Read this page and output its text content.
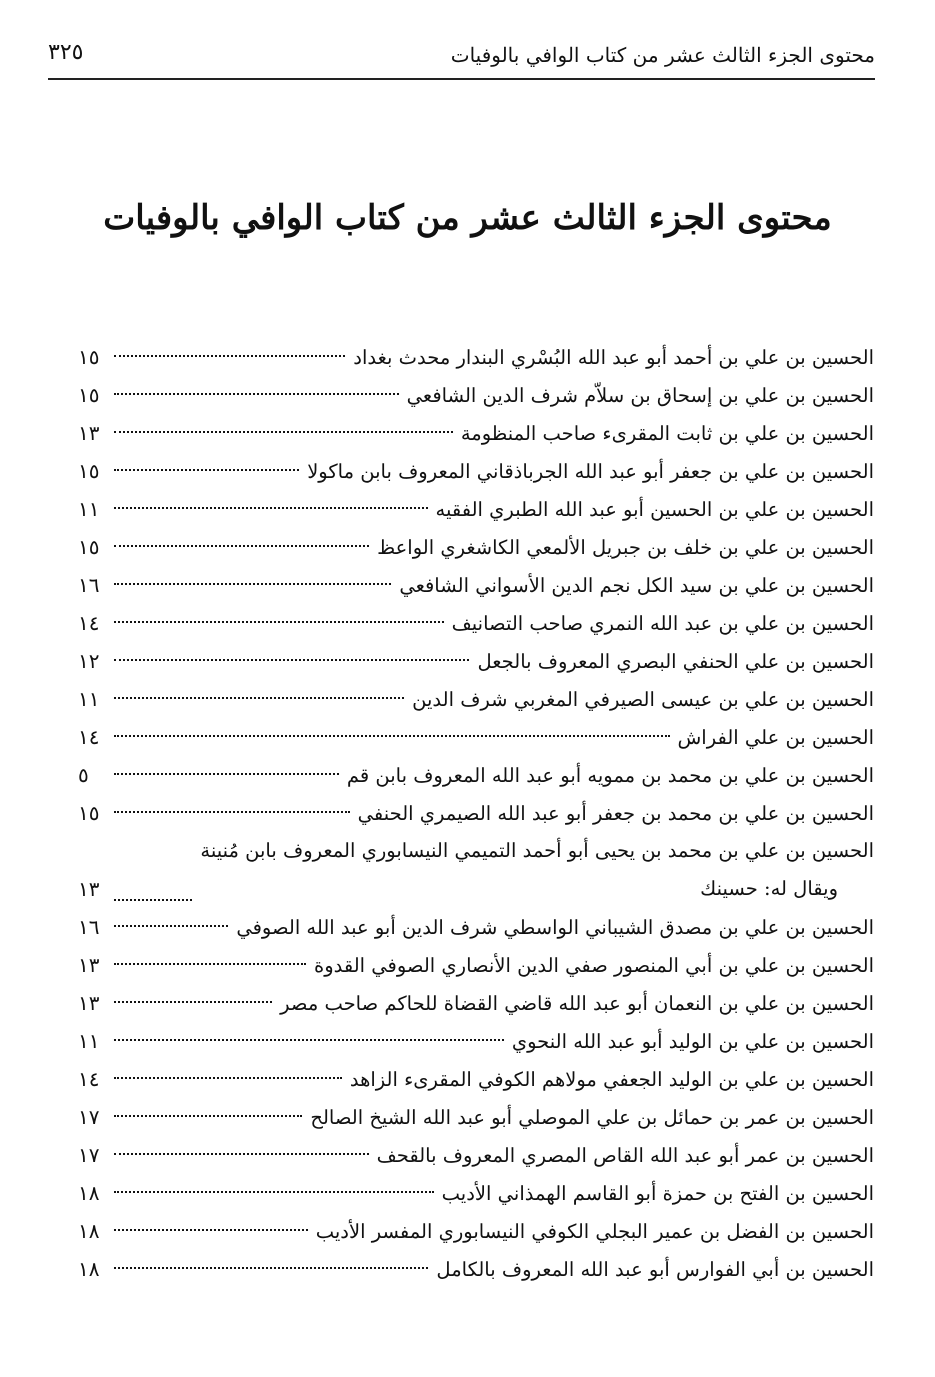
محتوى الجزء الثالث عشر من كتاب الوافي بالوفيات
٣٢٥
محتوى الجزء الثالث عشر من كتاب الوافي بالوفيات
الحسين بن علي بن أحمد أبو عبد الله البُسْري البندار محدث بغداد
١٥
الحسين بن علي بن إسحاق بن سلاّم شرف الدين الشافعي
١٥
الحسين بن علي بن ثابت المقرىء صاحب المنظومة
١٣
الحسين بن علي بن جعفر أبو عبد الله الجرباذقاني المعروف بابن ماكولا
١٥
الحسين بن علي بن الحسين أبو عبد الله الطبري الفقيه
١١
الحسين بن علي بن خلف بن جبريل الألمعي الكاشغري الواعظ
١٥
الحسين بن علي بن سيد الكل نجم الدين الأسواني الشافعي
١٦
الحسين بن علي بن عبد الله النمري صاحب التصانيف
١٤
الحسين بن علي الحنفي البصري المعروف بالجعل
١٢
الحسين بن علي بن عيسى الصيرفي المغربي شرف الدين
١١
الحسين بن علي الفراش
١٤
الحسين بن علي بن محمد بن ممويه أبو عبد الله المعروف بابن قم
٥
الحسين بن علي بن محمد بن جعفر أبو عبد الله الصيمري الحنفي
١٥
الحسين بن علي بن محمد بن يحيى أبو أحمد التميمي النيسابوري المعروف بابن مُنينة
ويقال له: حسينك
١٣
الحسين بن علي بن مصدق الشيباني الواسطي شرف الدين أبو عبد الله الصوفي
١٦
الحسين بن علي بن أبي المنصور صفي الدين الأنصاري الصوفي القدوة
١٣
الحسين بن علي بن النعمان أبو عبد الله قاضي القضاة للحاكم صاحب مصر
١٣
الحسين بن علي بن الوليد أبو عبد الله النحوي
١١
الحسين بن علي بن الوليد الجعفي مولاهم الكوفي المقرىء الزاهد
١٤
الحسين بن عمر بن حمائل بن علي الموصلي أبو عبد الله الشيخ الصالح
١٧
الحسين بن عمر أبو عبد الله القاص المصري المعروف بالقحف
١٧
الحسين بن الفتح بن حمزة أبو القاسم الهمذاني الأديب
١٨
الحسين بن الفضل بن عمير البجلي الكوفي النيسابوري المفسر الأديب
١٨
الحسين بن أبي الفوارس أبو عبد الله المعروف بالكامل
١٨
